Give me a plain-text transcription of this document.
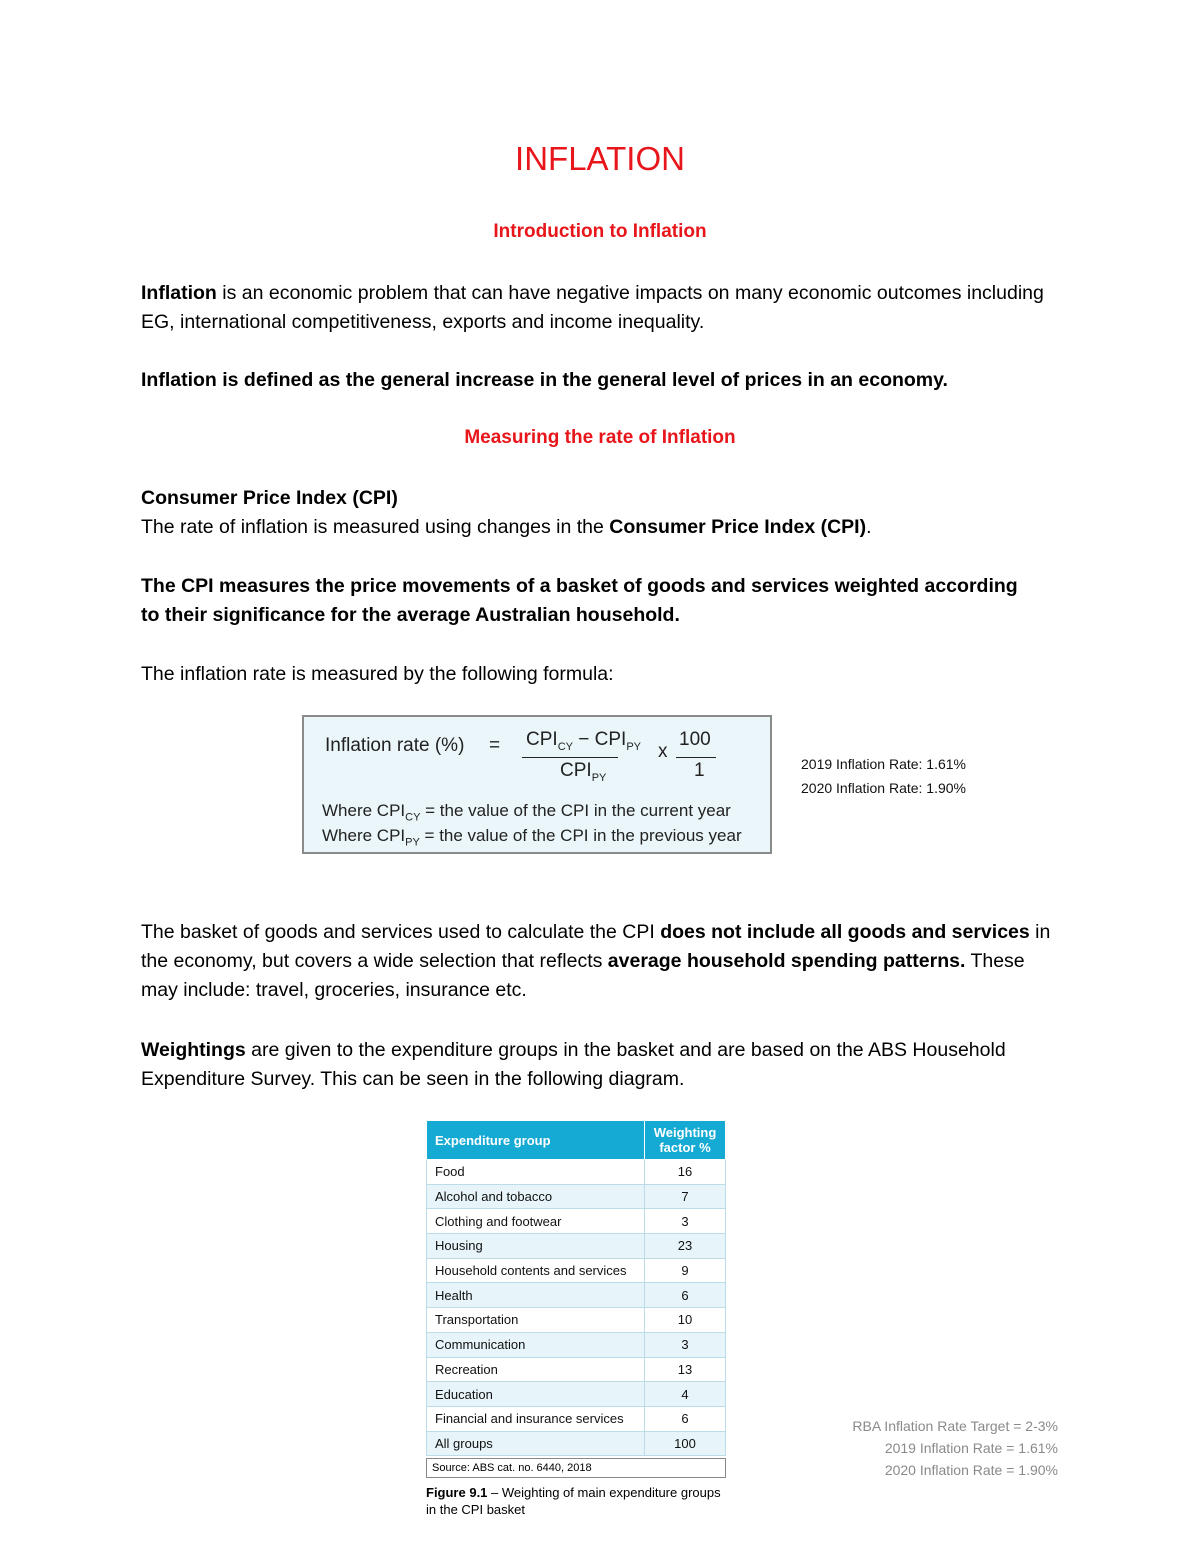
INFLATION
Introduction to Inflation

Inflation is an economic problem that can have negative impacts on many economic outcomes including EG, international competitiveness, exports and income inequality.

Inflation is defined as the general increase in the general level of prices in an economy.

Measuring the rate of Inflation

Consumer Price Index (CPI)

The rate of inflation is measured using changes in the Consumer Price Index (CPI).

The CPI measures the price movements of a basket of goods and services weighted according to their significance for the average Australian household.

The inflation rate is measured by the following formula:

Inflation rate (%) = $CPI_{CY} - CPI_{PY}$
$CPI_{PY}$
x
100
1
Where $CPI_{CY}$ = the value of the CPI in the current year
Where $CPI_{PY}$ = the value of the CPI in the previous year
2019 Inflation Rate: 1.61%
2020 Inflation Rate: 1.90%

The basket of goods and services used to calculate the CPI does not include all goods and services in the economy, but covers a wide selection that reflects average household spending patterns. These may include: travel, groceries, insurance etc.

Weightings are given to the expenditure groups in the basket and are based on the ABS Household Expenditure Survey. This can be seen in the following diagram.

Expenditure group	Weighting factor %
Food	16
Alcohol and tobacco	7
Clothing and footwear	3
Housing	23
Household contents and services	9
Health	6
Transportation	10
Communication	3
Recreation	13
Education	4
Financial and insurance services	6
All groups	100
Source: ABS cat. no. 6440, 2018
Figure 9.1 – Weighting of main expenditure groups in the CPI basket
RBA Inflation Rate Target = 2-3%
2019 Inflation Rate = 1.61%
2020 Inflation Rate = 1.90%
